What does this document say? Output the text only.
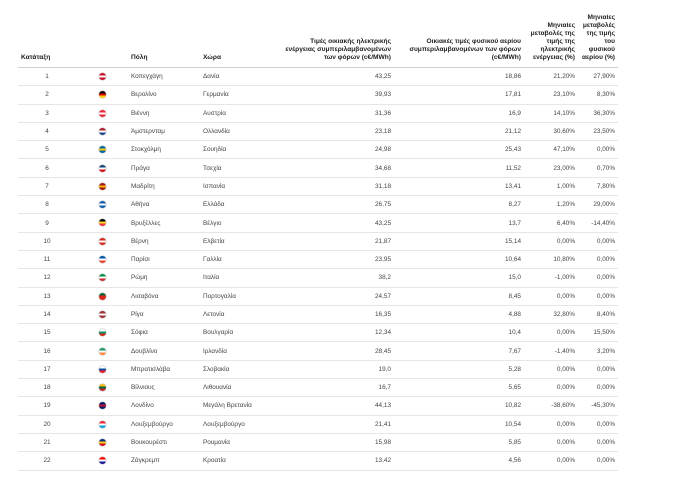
Κατάταξη		Πόλη	Χώρα	Τιμές οικιακής ηλεκτρικής ενέργειας συμπεριλαμβανομένων των φόρων (c€/MWh)	Οικιακές τιμές φυσικού αερίου συμπεριλαμβανομένων των φόρων (c€/MWh)	Μηνιαίες μεταβολές της τιμής της ηλεκτρικής ενέργειας (%)	Μηνιαίες μεταβολές της τιμής του φυσικού αερίου (%)
1		Κοπεγχάγη	Δανία	43,25	18,86	21,20%	27,90%
2		Βερολίνο	Γερμανία	39,93	17,81	23,10%	8,30%
3		Βιέννη	Αυστρία	31,36	16,9	14,10%	36,30%
4		Άμστερνταμ	Ολλανδία	23,18	21,12	30,60%	23,50%
5		Στοκχόλμη	Σουηδία	24,98	25,43	47,10%	0,00%
6		Πράγα	Τσεχία	34,68	11,52	23,00%	0,70%
7		Μαδρίτη	Ισπανία	31,18	13,41	1,00%	7,80%
8		Αθήνα	Ελλάδα	26,75	8,27	1,20%	29,00%
9		Βρυξέλλες	Βέλγιο	43,25	13,7	6,40%	-14,40%
10		Βέρνη	Ελβετία	21,87	15,14	0,00%	0,00%
11		Παρίσι	Γαλλία	23,95	10,64	10,80%	0,00%
12		Ρώμη	Ιταλία	38,2	15,0	-1,00%	0,00%
13		Λισαβόνα	Πορτογαλία	24,57	8,45	0,00%	0,00%
14		Ρίγα	Λετονία	16,35	4,88	32,80%	8,40%
15		Σόφια	Βουλγαρία	12,34	10,4	0,00%	15,50%
16		Δουβλίνο	Ιρλανδία	28,45	7,67	-1,40%	3,20%
17		Μπρατισλάβα	Σλοβακία	19,0	5,28	0,00%	0,00%
18		Βίλνιους	Λιθουανία	16,7	5,65	0,00%	0,00%
19		Λονδίνο	Μεγάλη Βρετανία	44,13	10,82	-38,60%	-45,30%
20		Λουξεμβούργο	Λουξεμβούργο	21,41	10,54	0,00%	0,00%
21		Βουκουρέστι	Ρουμανία	15,98	5,85	0,00%	0,00%
22		Ζάγκρεμπ	Κροατία	13,42	4,56	0,00%	0,00%
